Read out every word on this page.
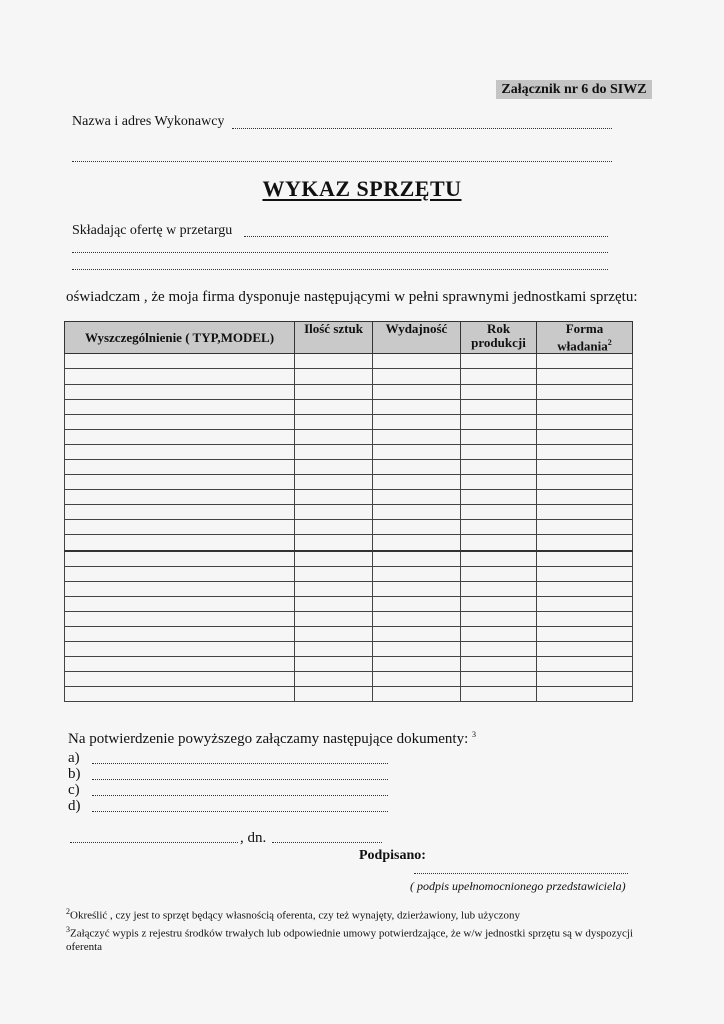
Załącznik nr 6 do SIWZ
Nazwa i adres Wykonawcy
WYKAZ SPRZĘTU
Składając ofertę w przetargu
oświadczam , że moja firma dysponuje następującymi w pełni sprawnymi jednostkami sprzętu:
Wyszczególnienie ( TYP,MODEL)	Ilość sztuk	Wydajność	Rok produkcji	Forma władania$^2$

Na potwierdzenie powyższego załączamy następujące dokumenty: $^3$
a)
b)
c)
d)
, dn.
Podpisano:
( podpis upełnomocnionego przedstawiciela)
$^2$Określić , czy jest to sprzęt będący własnością oferenta, czy też wynajęty, dzierżawiony, lub użyczony
$^3$Załączyć wypis z rejestru środków trwałych lub odpowiednie umowy potwierdzające, że w/w jednostki sprzętu są w dyspozycji oferenta
